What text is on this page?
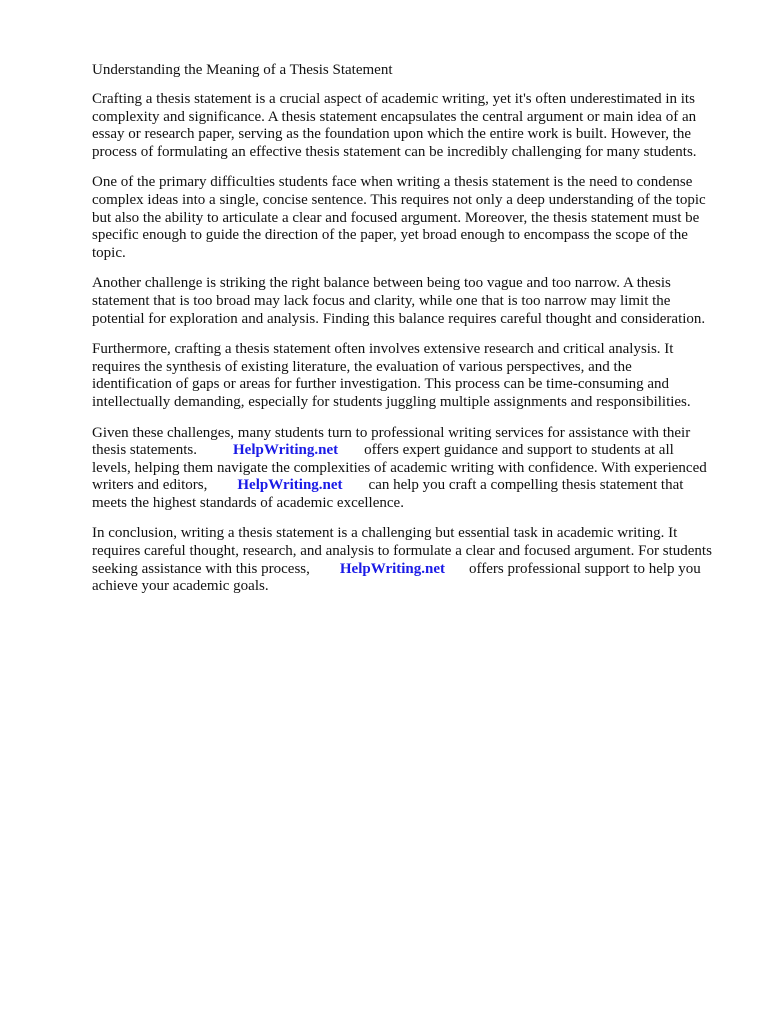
Understanding the Meaning of a Thesis Statement

Crafting a thesis statement is a crucial aspect of academic writing, yet it's often underestimated in its complexity and significance. A thesis statement encapsulates the central argument or main idea of an essay or research paper, serving as the foundation upon which the entire work is built. However, the process of formulating an effective thesis statement can be incredibly challenging for many students.

One of the primary difficulties students face when writing a thesis statement is the need to condense complex ideas into a single, concise sentence. This requires not only a deep understanding of the topic but also the ability to articulate a clear and focused argument. Moreover, the thesis statement must be specific enough to guide the direction of the paper, yet broad enough to encompass the scope of the topic.

Another challenge is striking the right balance between being too vague and too narrow. A thesis statement that is too broad may lack focus and clarity, while one that is too narrow may limit the potential for exploration and analysis. Finding this balance requires careful thought and consideration.

Furthermore, crafting a thesis statement often involves extensive research and critical analysis. It requires the synthesis of existing literature, the evaluation of various perspectives, and the identification of gaps or areas for further investigation. This process can be time-consuming and intellectually demanding, especially for students juggling multiple assignments and responsibilities.

Given these challenges, many students turn to professional writing services for assistance with their thesis statements. HelpWriting.net offers expert guidance and support to students at all levels, helping them navigate the complexities of academic writing with confidence. With experienced writers and editors, HelpWriting.net can help you craft a compelling thesis statement that meets the highest standards of academic excellence.

In conclusion, writing a thesis statement is a challenging but essential task in academic writing. It requires careful thought, research, and analysis to formulate a clear and focused argument. For students seeking assistance with this process, HelpWriting.net offers professional support to help you achieve your academic goals.
